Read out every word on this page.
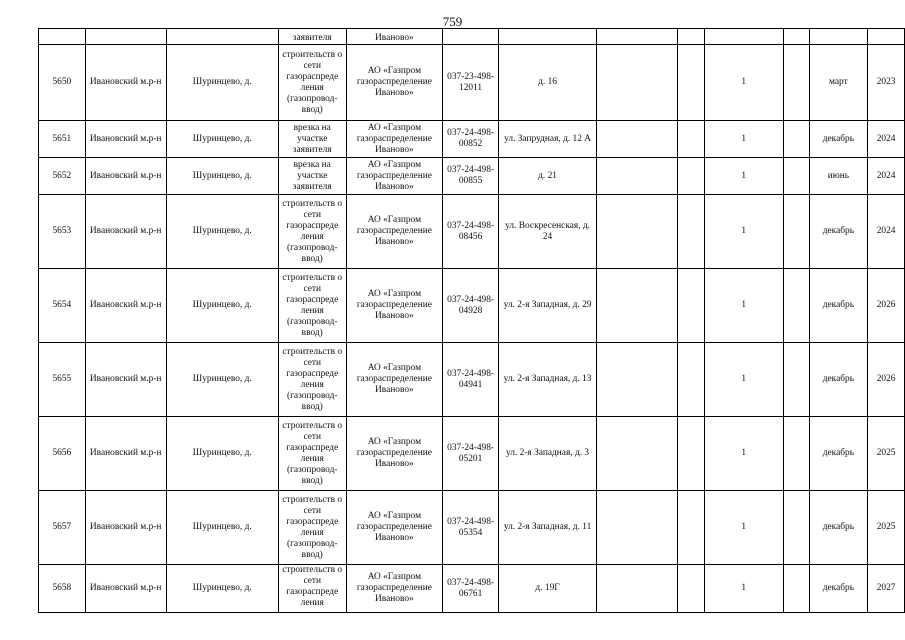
759
			заявителя	Иваново»								
5650	Ивановский м.р-н	Шуринцево, д.	строительств о сети газораспреде ления (газопровод-ввод)	АО «Газпром газораспределение Иваново»	037-23-498-12011	д. 16			1		март	2023
5651	Ивановский м.р-н	Шуринцево, д.	врезка на участке заявителя	АО «Газпром газораспределение Иваново»	037-24-498-00852	ул. Запрудная, д. 12 А			1		декабрь	2024
5652	Ивановский м.р-н	Шуринцево, д.	врезка на участке заявителя	АО «Газпром газораспределение Иваново»	037-24-498-00855	д. 21			1		июнь	2024
5653	Ивановский м.р-н	Шуринцево, д.	строительств о сети газораспреде ления (газопровод-ввод)	АО «Газпром газораспределение Иваново»	037-24-498-08456	ул. Воскресенская, д. 24			1		декабрь	2024
5654	Ивановский м.р-н	Шуринцево, д.	строительств о сети газораспреде ления (газопровод-ввод)	АО «Газпром газораспределение Иваново»	037-24-498-04928	ул. 2-я Западная, д. 29			1		декабрь	2026
5655	Ивановский м.р-н	Шуринцево, д.	строительств о сети газораспреде ления (газопровод-ввод)	АО «Газпром газораспределение Иваново»	037-24-498-04941	ул. 2-я Западная, д. 13			1		декабрь	2026
5656	Ивановский м.р-н	Шуринцево, д.	строительств о сети газораспреде ления (газопровод-ввод)	АО «Газпром газораспределение Иваново»	037-24-498-05201	ул. 2-я Западная, д. 3			1		декабрь	2025
5657	Ивановский м.р-н	Шуринцево, д.	строительств о сети газораспреде ления (газопровод-ввод)	АО «Газпром газораспределение Иваново»	037-24-498-05354	ул. 2-я Западная, д. 11			1		декабрь	2025
5658	Ивановский м.р-н	Шуринцево, д.	строительств о сети газораспреде ления	АО «Газпром газораспределение Иваново»	037-24-498-06761	д. 19Г			1		декабрь	2027
